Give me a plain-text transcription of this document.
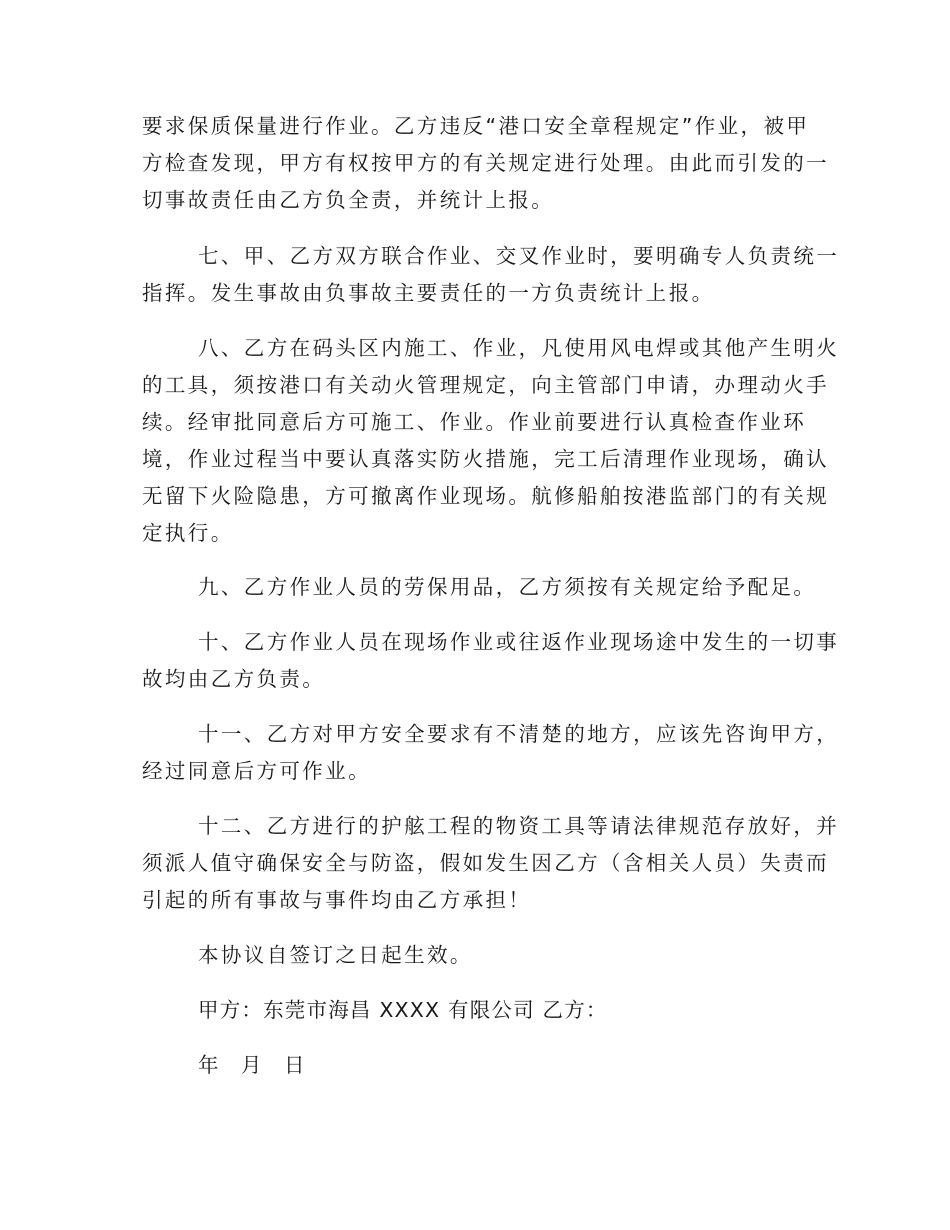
要求保质保量进行作业。乙方违反“港口安全章程规定”作业，被甲
方检查发现，甲方有权按甲方的有关规定进行处理。由此而引发的一
切事故责任由乙方负全责，并统计上报。
七、甲、乙方双方联合作业、交叉作业时，要明确专人负责统一
指挥。发生事故由负事故主要责任的一方负责统计上报。
八、乙方在码头区内施工、作业，凡使用风电焊或其他产生明火
的工具，须按港口有关动火管理规定，向主管部门申请，办理动火手
续。经审批同意后方可施工、作业。作业前要进行认真检查作业环
境，作业过程当中要认真落实防火措施，完工后清理作业现场，确认
无留下火险隐患，方可撤离作业现场。航修船舶按港监部门的有关规
定执行。
九、乙方作业人员的劳保用品，乙方须按有关规定给予配足。
十、乙方作业人员在现场作业或往返作业现场途中发生的一切事
故均由乙方负责。
十一、乙方对甲方安全要求有不清楚的地方，应该先咨询甲方，
经过同意后方可作业。
十二、乙方进行的护舷工程的物资工具等请法律规范存放好，并
须派人值守确保安全与防盗，假如发生因乙方（含相关人员）失责而
引起的所有事故与事件均由乙方承担！
本协议自签订之日起生效。
甲方：东莞市海昌 XXXX 有限公司 乙方：
年 月 日
